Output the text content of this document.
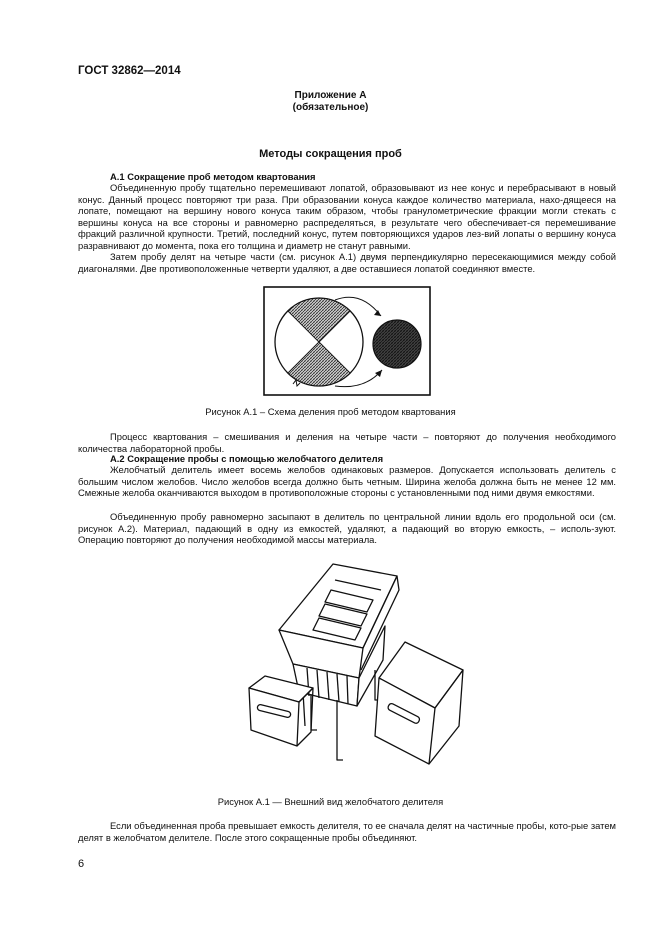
ГОСТ 32862—2014
Приложение А
(обязательное)
Методы сокращения проб
А.1 Сокращение проб методом квартования
Объединенную пробу тщательно перемешивают лопатой, образовывают из нее конус и перебрасывают в новый конус. Данный процесс повторяют три раза. При образовании конуса каждое количество материала, нахо-дящееся на лопате, помещают на вершину нового конуса таким образом, чтобы гранулометрические фракции могли стекать с вершины конуса на все стороны и равномерно распределяться, в результате чего обеспечивает-ся перемешивание фракций различной крупности. Третий, последний конус, путем повторяющихся ударов лез-вий лопаты о вершину конуса разравнивают до момента, пока его толщина и диаметр не станут равными.
Затем пробу делят на четыре части (см. рисунок А.1) двумя перпендикулярно пересекающимися между собой диагоналями. Две противоположенные четверти удаляют, а две оставшиеся лопатой соединяют вместе.
Рисунок А.1 – Схема деления проб методом квартования
Процесс квартования – смешивания и деления на четыре части – повторяют до получения необходимого количества лабораторной пробы.
А.2 Сокращение пробы с помощью желобчатого делителя
Желобчатый делитель имеет восемь желобов одинаковых размеров. Допускается использовать делитель с большим числом желобов. Число желобов всегда должно быть четным. Ширина желоба должна быть не менее 12 мм. Смежные желоба оканчиваются выходом в противоположные стороны с установленными под ними двумя емкостями.
Объединенную пробу равномерно засыпают в делитель по центральной линии вдоль его продольной оси (см. рисунок А.2). Материал, падающий в одну из емкостей, удаляют, а падающий во вторую емкость, – исполь-зуют. Операцию повторяют до получения необходимой массы материала.
Рисунок А.1 — Внешний вид желобчатого делителя
Если объединенная проба превышает емкость делителя, то ее сначала делят на частичные пробы, кото-рые затем делят в желобчатом делителе. После этого сокращенные пробы объединяют.
6
